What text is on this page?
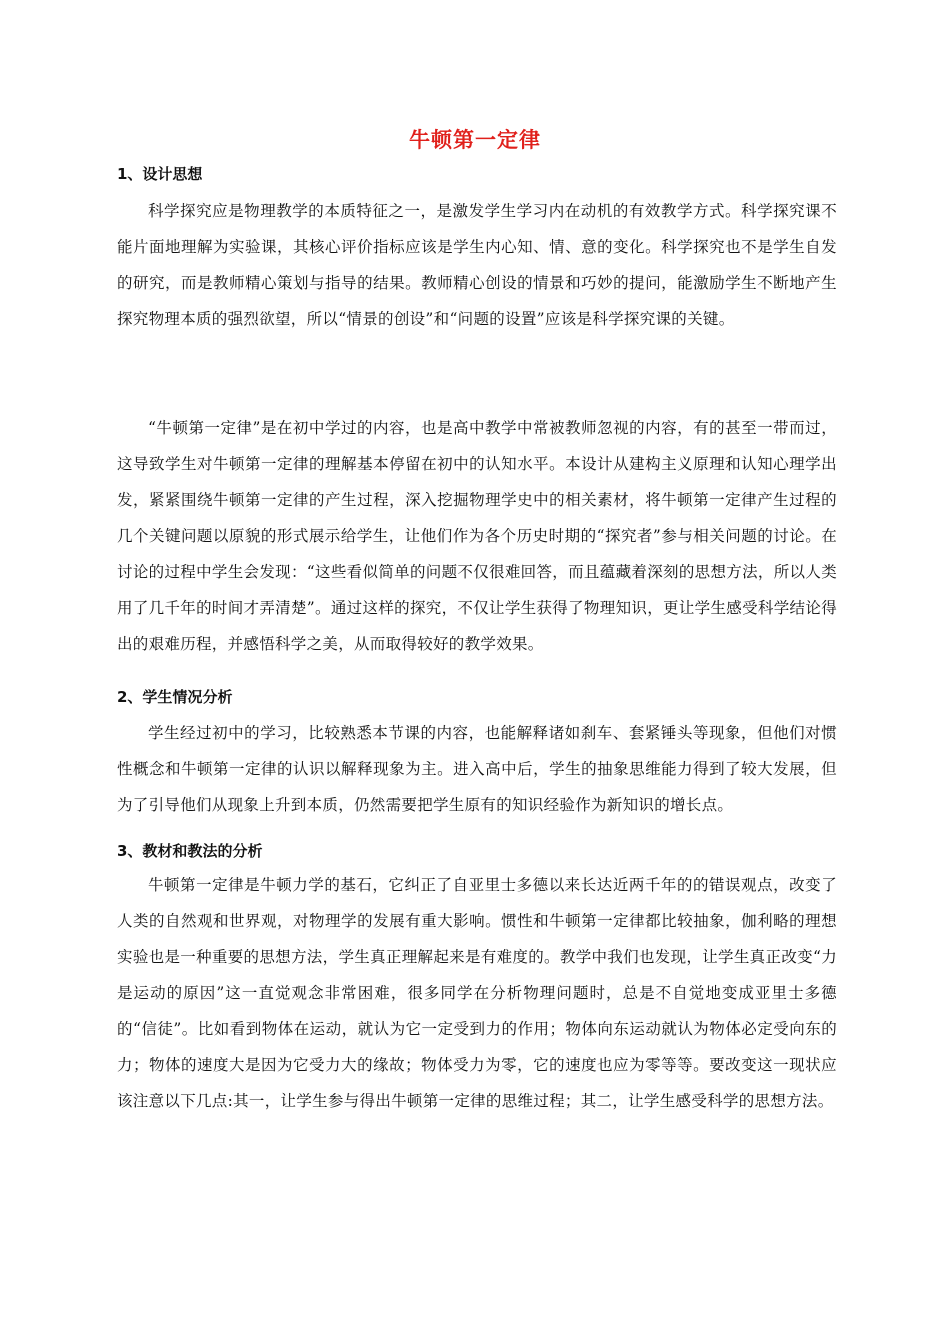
牛顿第一定律
1、设计思想
科学探究应是物理教学的本质特征之一，是激发学生学习内在动机的有效教学方式。科学探究课不能片面地理解为实验课，其核心评价指标应该是学生内心知、情、意的变化。科学探究也不是学生自发的研究，而是教师精心策划与指导的结果。教师精心创设的情景和巧妙的提问，能激励学生不断地产生探究物理本质的强烈欲望，所以“情景的创设”和“问题的设置”应该是科学探究课的关键。
“牛顿第一定律”是在初中学过的内容，也是高中教学中常被教师忽视的内容，有的甚至一带而过，这导致学生对牛顿第一定律的理解基本停留在初中的认知水平。本设计从建构主义原理和认知心理学出发，紧紧围绕牛顿第一定律的产生过程，深入挖掘物理学史中的相关素材，将牛顿第一定律产生过程的几个关键问题以原貌的形式展示给学生，让他们作为各个历史时期的“探究者”参与相关问题的讨论。在讨论的过程中学生会发现：“这些看似简单的问题不仅很难回答，而且蕴藏着深刻的思想方法，所以人类用了几千年的时间才弄清楚”。通过这样的探究，不仅让学生获得了物理知识，更让学生感受科学结论得出的艰难历程，并感悟科学之美，从而取得较好的教学效果。
2、学生情况分析
学生经过初中的学习，比较熟悉本节课的内容，也能解释诸如刹车、套紧锤头等现象，但他们对惯性概念和牛顿第一定律的认识以解释现象为主。进入高中后，学生的抽象思维能力得到了较大发展，但为了引导他们从现象上升到本质，仍然需要把学生原有的知识经验作为新知识的增长点。
3、教材和教法的分析
牛顿第一定律是牛顿力学的基石，它纠正了自亚里士多德以来长达近两千年的的错误观点，改变了人类的自然观和世界观，对物理学的发展有重大影响。惯性和牛顿第一定律都比较抽象，伽利略的理想实验也是一种重要的思想方法，学生真正理解起来是有难度的。教学中我们也发现，让学生真正改变“力是运动的原因”这一直觉观念非常困难，很多同学在分析物理问题时，总是不自觉地变成亚里士多德的“信徒”。比如看到物体在运动，就认为它一定受到力的作用；物体向东运动就认为物体必定受向东的力；物体的速度大是因为它受力大的缘故；物体受力为零，它的速度也应为零等等。要改变这一现状应该注意以下几点:其一，让学生参与得出牛顿第一定律的思维过程；其二，让学生感受科学的思想方法。
